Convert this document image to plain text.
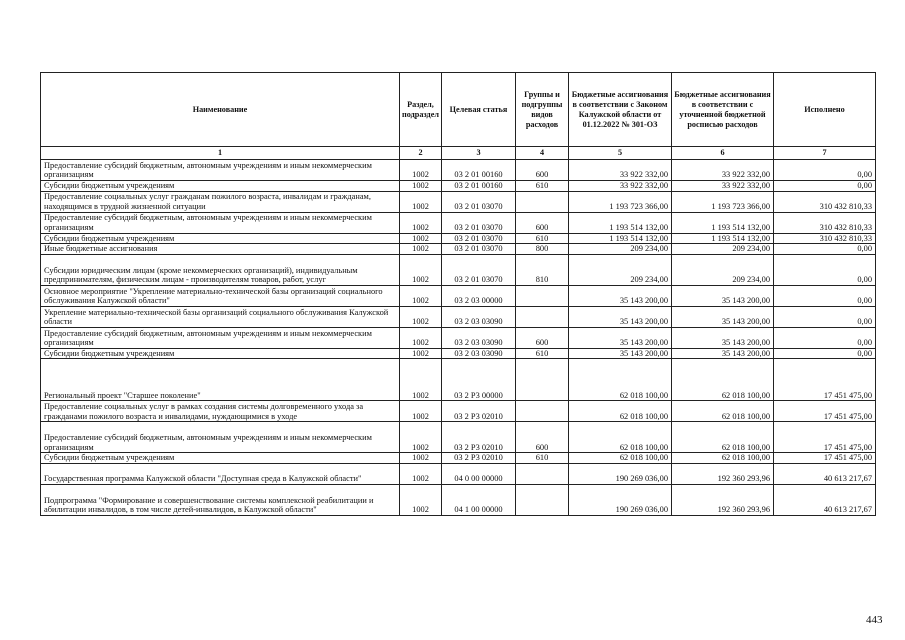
Наименование	Раздел, подраздел	Целевая статья	Группы и подгруппы видов расходов	Бюджетные ассигнования в соответствии с Законом Калужской области от 01.12.2022 № 301-ОЗ	Бюджетные ассигнования в соответствии с уточненной бюджетной росписью расходов	Исполнено
1	2	3	4	5	6	7
Предоставление субсидий бюджетным, автономным учреждениям и иным некоммерческим организациям	1002	03 2 01 00160	600	33 922 332,00	33 922 332,00	0,00
Субсидии бюджетным учреждениям	1002	03 2 01 00160	610	33 922 332,00	33 922 332,00	0,00
Предоставление социальных услуг гражданам пожилого возраста, инвалидам и гражданам, находящимся в трудной жизненной ситуации	1002	03 2 01 03070		1 193 723 366,00	1 193 723 366,00	310 432 810,33
Предоставление субсидий бюджетным, автономным учреждениям и иным некоммерческим организациям	1002	03 2 01 03070	600	1 193 514 132,00	1 193 514 132,00	310 432 810,33
Субсидии бюджетным учреждениям	1002	03 2 01 03070	610	1 193 514 132,00	1 193 514 132,00	310 432 810,33
Иные бюджетные ассигнования	1002	03 2 01 03070	800	209 234,00	209 234,00	0,00
Субсидии юридическим лицам (кроме некоммерческих организаций), индивидуальным предпринимателям, физическим лицам - производителям товаров, работ, услуг	1002	03 2 01 03070	810	209 234,00	209 234,00	0,00
Основное мероприятие "Укрепление материально-технической базы организаций социального обслуживания Калужской области"	1002	03 2 03 00000		35 143 200,00	35 143 200,00	0,00
Укрепление материально-технической базы организаций социального обслуживания Калужской области	1002	03 2 03 03090		35 143 200,00	35 143 200,00	0,00
Предоставление субсидий бюджетным, автономным учреждениям и иным некоммерческим организациям	1002	03 2 03 03090	600	35 143 200,00	35 143 200,00	0,00
Субсидии бюджетным учреждениям	1002	03 2 03 03090	610	35 143 200,00	35 143 200,00	0,00
Региональный проект "Старшее поколение"	1002	03 2 Р3 00000		62 018 100,00	62 018 100,00	17 451 475,00
Предоставление социальных услуг в рамках создания системы долговременного ухода за гражданами пожилого возраста и инвалидами, нуждающимися в уходе	1002	03 2 Р3 02010		62 018 100,00	62 018 100,00	17 451 475,00
Предоставление субсидий бюджетным, автономным учреждениям и иным некоммерческим организациям	1002	03 2 Р3 02010	600	62 018 100,00	62 018 100,00	17 451 475,00
Субсидии бюджетным учреждениям	1002	03 2 Р3 02010	610	62 018 100,00	62 018 100,00	17 451 475,00
Государственная программа Калужской области "Доступная среда в Калужской области"	1002	04 0 00 00000		190 269 036,00	192 360 293,96	40 613 217,67
Подпрограмма "Формирование и совершенствование системы комплексной реабилитации и абилитации инвалидов, в том числе детей-инвалидов, в Калужской области"	1002	04 1 00 00000		190 269 036,00	192 360 293,96	40 613 217,67
443
